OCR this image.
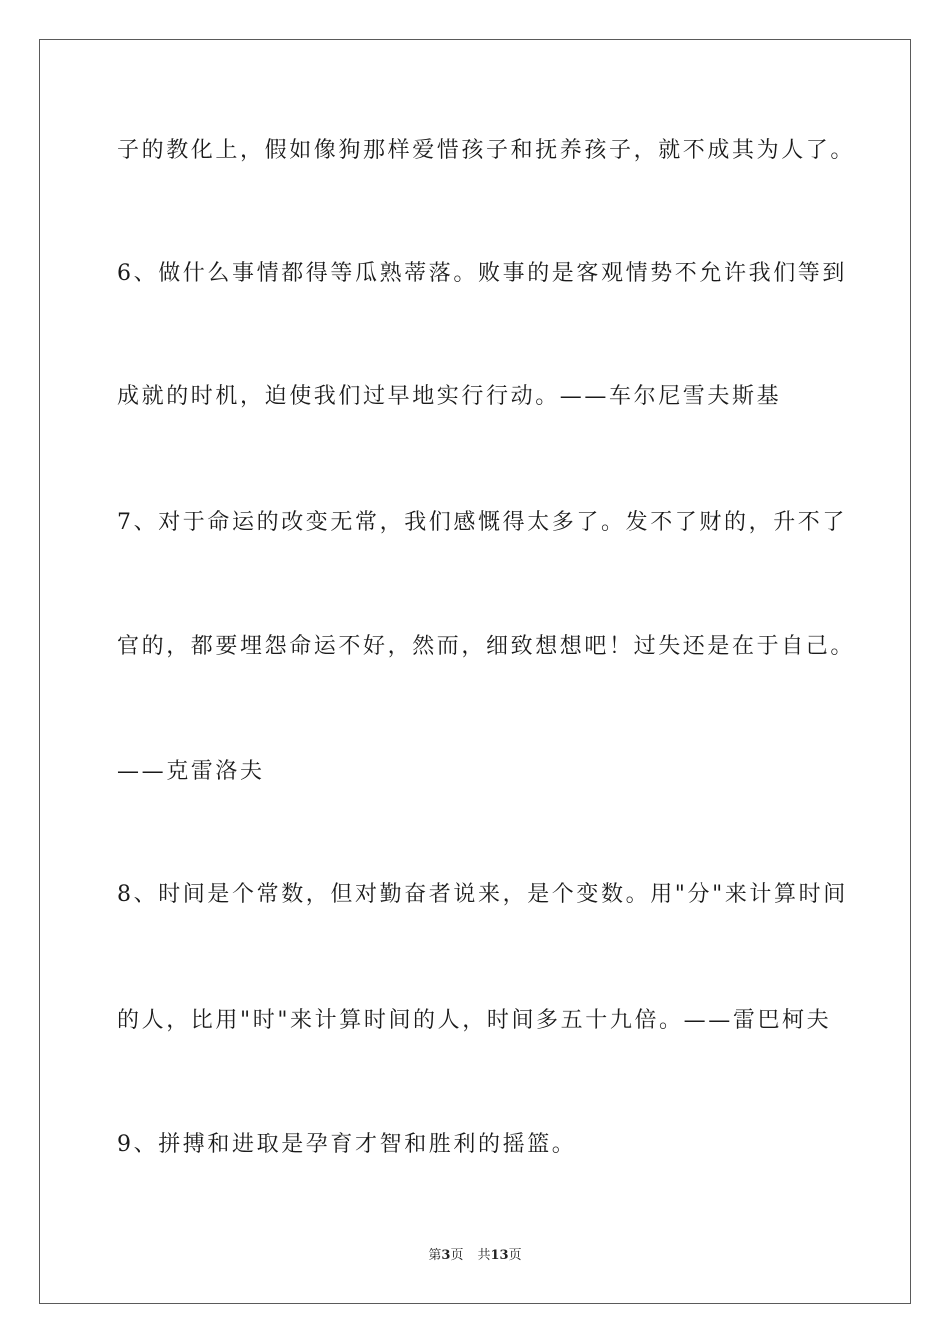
子的教化上，假如像狗那样爱惜孩子和抚养孩子，就不成其为人了。
6、做什么事情都得等瓜熟蒂落。败事的是客观情势不允许我们等到
成就的时机，迫使我们过早地实行行动。——车尔尼雪夫斯基
7、对于命运的改变无常，我们感慨得太多了。发不了财的，升不了
官的，都要埋怨命运不好，然而，细致想想吧！过失还是在于自己。
——克雷洛夫
8、时间是个常数，但对勤奋者说来，是个变数。用"分"来计算时间
的人，比用"时"来计算时间的人，时间多五十九倍。——雷巴柯夫
9、拼搏和进取是孕育才智和胜利的摇篮。
第3页 共13页
